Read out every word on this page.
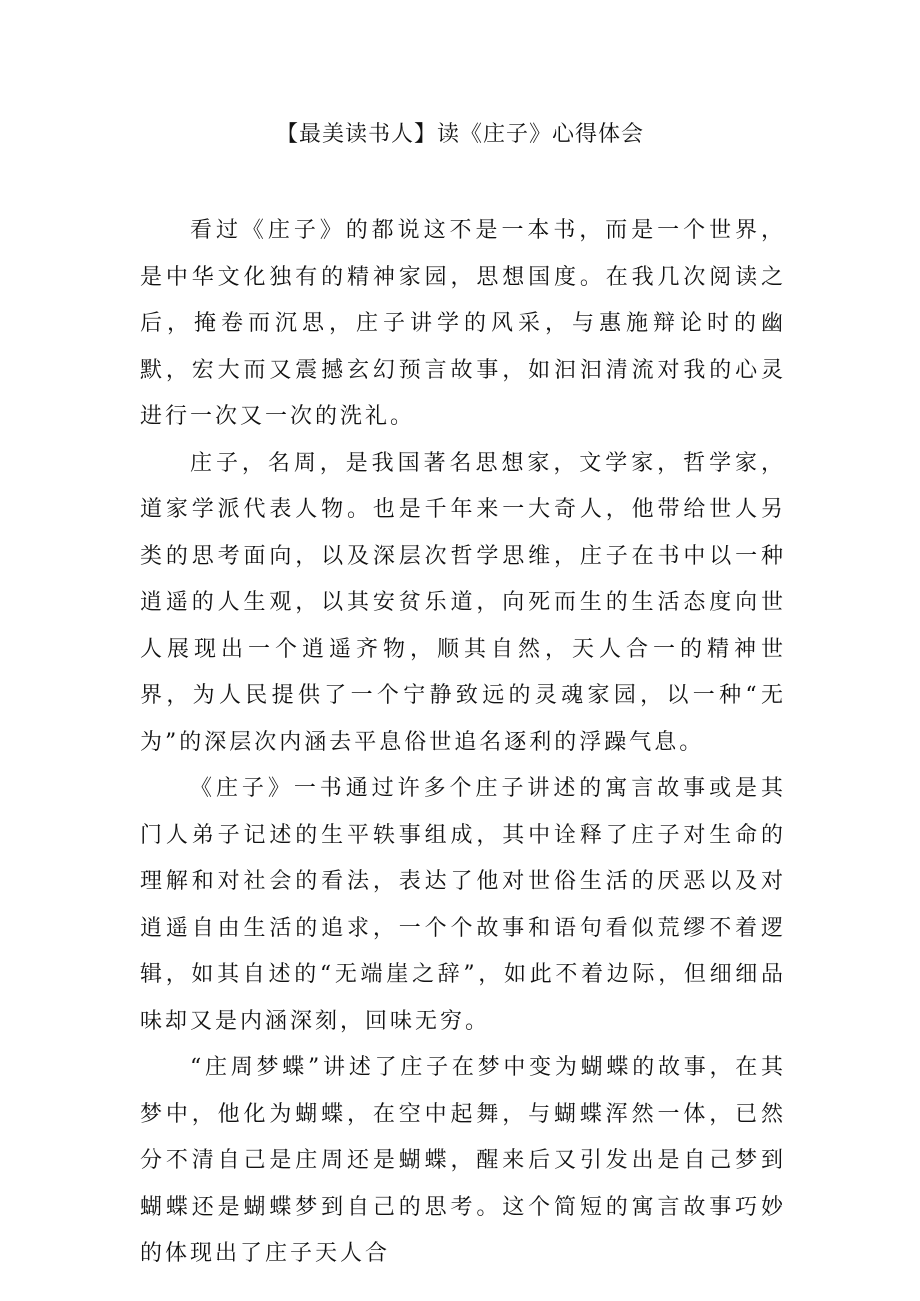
【最美读书人】读《庄子》心得体会

看过《庄子》的都说这不是一本书，而是一个世界，是中华文化独有的精神家园，思想国度。在我几次阅读之后，掩卷而沉思，庄子讲学的风采，与惠施辩论时的幽默，宏大而又震撼玄幻预言故事，如汩汩清流对我的心灵进行一次又一次的洗礼。

庄子，名周，是我国著名思想家，文学家，哲学家，道家学派代表人物。也是千年来一大奇人，他带给世人另类的思考面向，以及深层次哲学思维，庄子在书中以一种逍遥的人生观，以其安贫乐道，向死而生的生活态度向世人展现出一个逍遥齐物，顺其自然，天人合一的精神世界，为人民提供了一个宁静致远的灵魂家园，以一种“无为”的深层次内涵去平息俗世追名逐利的浮躁气息。

《庄子》一书通过许多个庄子讲述的寓言故事或是其门人弟子记述的生平轶事组成，其中诠释了庄子对生命的理解和对社会的看法，表达了他对世俗生活的厌恶以及对逍遥自由生活的追求，一个个故事和语句看似荒缪不着逻辑，如其自述的“无端崖之辞”，如此不着边际，但细细品味却又是内涵深刻，回味无穷。

“庄周梦蝶”讲述了庄子在梦中变为蝴蝶的故事，在其梦中，他化为蝴蝶，在空中起舞，与蝴蝶浑然一体，已然分不清自己是庄周还是蝴蝶，醒来后又引发出是自己梦到蝴蝶还是蝴蝶梦到自己的思考。这个简短的寓言故事巧妙的体现出了庄子天人合
